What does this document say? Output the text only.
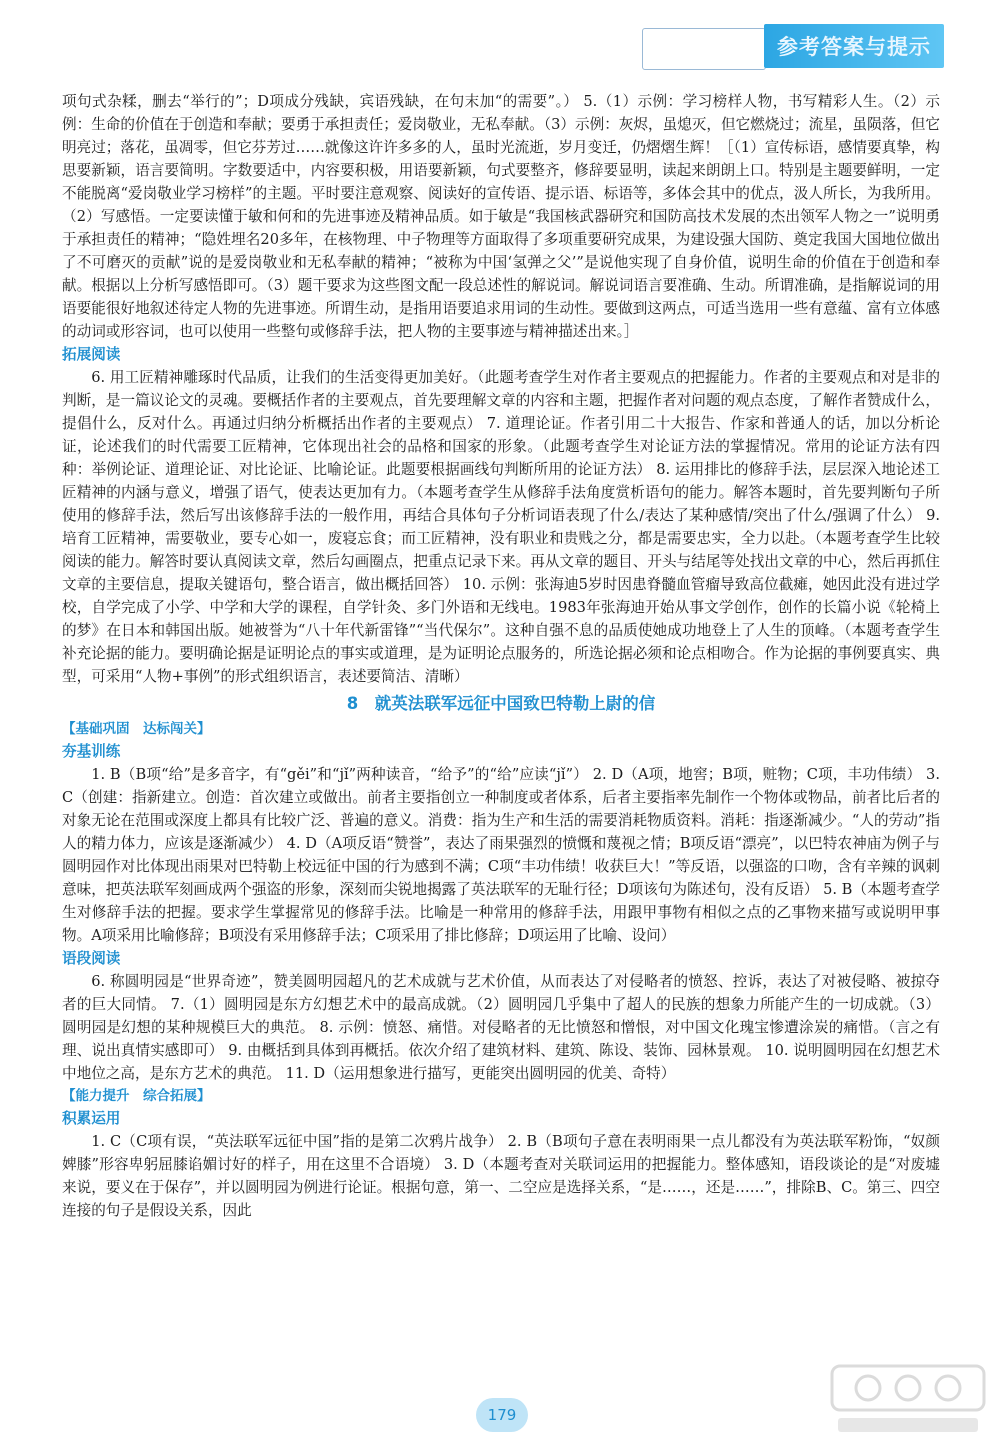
参考答案与提示

项句式杂糅，删去“举行的”；D项成分残缺，宾语残缺，在句末加“的需要”。） 5.（1）示例：学习榜样人物，书写精彩人生。（2）示例：生命的价值在于创造和奉献；要勇于承担责任；爱岗敬业，无私奉献。（3）示例：灰烬，虽熄灭，但它燃烧过；流星，虽陨落，但它明亮过；落花，虽凋零，但它芬芳过……就像这许许多多的人，虽时光流逝，岁月变迁，仍熠熠生辉！［（1）宣传标语，感情要真挚，构思要新颖，语言要简明。字数要适中，内容要积极，用语要新颖，句式要整齐，修辞要显明，读起来朗朗上口。特别是主题要鲜明，一定不能脱离“爱岗敬业学习榜样”的主题。平时要注意观察、阅读好的宣传语、提示语、标语等，多体会其中的优点，汲人所长，为我所用。（2）写感悟。一定要读懂于敏和何和的先进事迹及精神品质。如于敏是“我国核武器研究和国防高技术发展的杰出领军人物之一”说明勇于承担责任的精神；“隐姓埋名20多年，在核物理、中子物理等方面取得了多项重要研究成果，为建设强大国防、奠定我国大国地位做出了不可磨灭的贡献”说的是爱岗敬业和无私奉献的精神；“被称为中国‘氢弹之父’”是说他实现了自身价值，说明生命的价值在于创造和奉献。根据以上分析写感悟即可。（3）题干要求为这些图文配一段总述性的解说词。解说词语言要准确、生动。所谓准确，是指解说词的用语要能很好地叙述待定人物的先进事迹。所谓生动，是指用语要追求用词的生动性。要做到这两点，可适当选用一些有意蕴、富有立体感的动词或形容词，也可以使用一些整句或修辞手法，把人物的主要事迹与精神描述出来。］

拓展阅读

6. 用工匠精神雕琢时代品质，让我们的生活变得更加美好。（此题考查学生对作者主要观点的把握能力。作者的主要观点和对是非的判断，是一篇议论文的灵魂。要概括作者的主要观点，首先要理解文章的内容和主题，把握作者对问题的观点态度，了解作者赞成什么，提倡什么，反对什么。再通过归纳分析概括出作者的主要观点） 7. 道理论证。作者引用二十大报告、作家和普通人的话，加以分析论证，论述我们的时代需要工匠精神，它体现出社会的品格和国家的形象。（此题考查学生对论证方法的掌握情况。常用的论证方法有四种：举例论证、道理论证、对比论证、比喻论证。此题要根据画线句判断所用的论证方法） 8. 运用排比的修辞手法，层层深入地论述工匠精神的内涵与意义，增强了语气，使表达更加有力。（本题考查学生从修辞手法角度赏析语句的能力。解答本题时，首先要判断句子所使用的修辞手法，然后写出该修辞手法的一般作用，再结合具体句子分析词语表现了什么/表达了某种感情/突出了什么/强调了什么） 9. 培育工匠精神，需要敬业，要专心如一，废寝忘食；而工匠精神，没有职业和贵贱之分，都是需要忠实，全力以赴。（本题考查学生比较阅读的能力。解答时要认真阅读文章，然后勾画圈点，把重点记录下来。再从文章的题目、开头与结尾等处找出文章的中心，然后再抓住文章的主要信息，提取关键语句，整合语言，做出概括回答） 10. 示例：张海迪5岁时因患脊髓血管瘤导致高位截瘫，她因此没有进过学校，自学完成了小学、中学和大学的课程，自学针灸、多门外语和无线电。1983年张海迪开始从事文学创作，创作的长篇小说《轮椅上的梦》在日本和韩国出版。她被誉为“八十年代新雷锋”“当代保尔”。这种自强不息的品质使她成功地登上了人生的顶峰。（本题考查学生补充论据的能力。要明确论据是证明论点的事实或道理，是为证明论点服务的，所选论据必须和论点相吻合。作为论据的事例要真实、典型，可采用“人物+事例”的形式组织语言，表述要简洁、清晰）

8　就英法联军远征中国致巴特勒上尉的信
【基础巩固　达标闯关】
夯基训练

1. B（B项“给”是多音字，有“gěi”和“jǐ”两种读音，“给予”的“给”应读“jǐ”） 2. D（A项，地窖；B项，赃物；C项，丰功伟绩） 3. C（创建：指新建立。创造：首次建立或做出。前者主要指创立一种制度或者体系，后者主要指率先制作一个物体或物品，前者比后者的对象无论在范围或深度上都具有比较广泛、普遍的意义。消费：指为生产和生活的需要消耗物质资料。消耗：指逐渐减少。“人的劳动”指人的精力体力，应该是逐渐减少） 4. D（A项反语“赞誉”，表达了雨果强烈的愤慨和蔑视之情；B项反语“漂亮”，以巴特农神庙为例子与圆明园作对比体现出雨果对巴特勒上校远征中国的行为感到不满；C项“丰功伟绩！收获巨大！”等反语，以强盗的口吻，含有辛辣的讽刺意味，把英法联军刻画成两个强盗的形象，深刻而尖锐地揭露了英法联军的无耻行径；D项该句为陈述句，没有反语） 5. B（本题考查学生对修辞手法的把握。要求学生掌握常见的修辞手法。比喻是一种常用的修辞手法，用跟甲事物有相似之点的乙事物来描写或说明甲事物。A项采用比喻修辞；B项没有采用修辞手法；C项采用了排比修辞；D项运用了比喻、设问）

语段阅读

6. 称圆明园是“世界奇迹”，赞美圆明园超凡的艺术成就与艺术价值，从而表达了对侵略者的愤怒、控诉，表达了对被侵略、被掠夺者的巨大同情。 7.（1）圆明园是东方幻想艺术中的最高成就。（2）圆明园几乎集中了超人的民族的想象力所能产生的一切成就。（3）圆明园是幻想的某种规模巨大的典范。 8. 示例：愤怒、痛惜。对侵略者的无比愤怒和憎恨，对中国文化瑰宝惨遭涂炭的痛惜。（言之有理、说出真情实感即可） 9. 由概括到具体到再概括。依次介绍了建筑材料、建筑、陈设、装饰、园林景观。 10. 说明圆明园在幻想艺术中地位之高，是东方艺术的典范。 11. D（运用想象进行描写，更能突出圆明园的优美、奇特）

【能力提升　综合拓展】
积累运用

1. C（C项有误，“英法联军远征中国”指的是第二次鸦片战争） 2. B（B项句子意在表明雨果一点儿都没有为英法联军粉饰，“奴颜婢膝”形容卑躬屈膝谄媚讨好的样子，用在这里不合语境） 3. D（本题考查对关联词运用的把握能力。整体感知，语段谈论的是“对废墟来说，要义在于保存”，并以圆明园为例进行论证。根据句意，第一、二空应是选择关系，“是……，还是……”，排除B、C。第三、四空连接的句子是假设关系，因此

179
